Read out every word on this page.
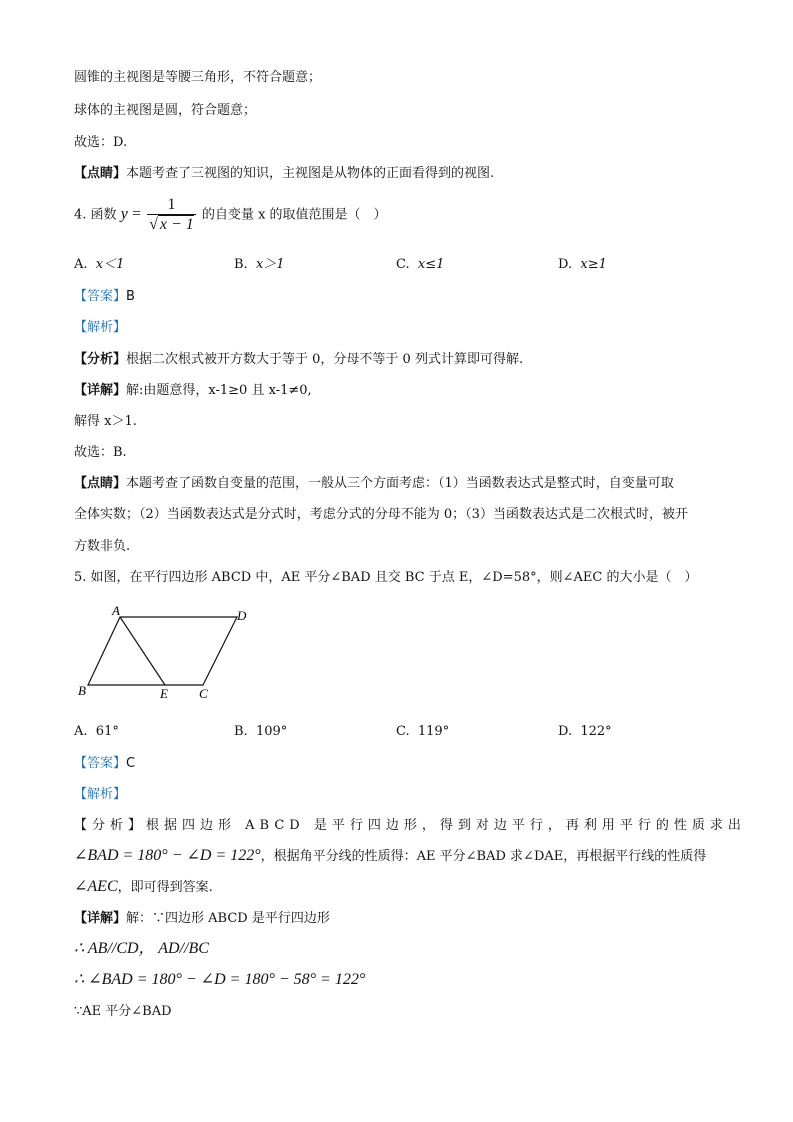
圆锥的主视图是等腰三角形，不符合题意；
球体的主视图是圆，符合题意；
故选：D.
【点睛】本题考查了三视图的知识，主视图是从物体的正面看得到的视图.
4. 函数 $y = \frac{1}{√ x - 1}$ 的自变量 x 的取值范围是（　）
A. x＜1	B. x＞1	C. x≤1	D. x≥1
【答案】B
【解析】
【分析】根据二次根式被开方数大于等于 0，分母不等于 0 列式计算即可得解.
【详解】解:由题意得，x-1≥0 且 x-1≠0,
解得 x＞1.
故选：B.
【点睛】本题考查了函数自变量的范围，一般从三个方面考虑：（1）当函数表达式是整式时，自变量可取
全体实数；（2）当函数表达式是分式时，考虑分式的分母不能为 0；（3）当函数表达式是二次根式时，被开
方数非负.
5. 如图，在平行四边形 ABCD 中，AE 平分∠BAD 且交 BC 于点 E，∠D=58°，则∠AEC 的大小是（　）
A	D
B	E C
A. 61°	B. 109°	C. 119°	D. 122°
【答案】C
【解析】
【分析】根据四边形 ABCD 是平行四边形，得到对边平行，再利用平行的性质求出
∠BAD = 180° − ∠D = 122°，根据角平分线的性质得：AE 平分∠BAD 求∠DAE，再根据平行线的性质得
∠AEC，即可得到答案.
【详解】解：∵四边形 ABCD 是平行四边形
∴ AB//CD， AD//BC
∴ ∠BAD = 180° − ∠D = 180° − 58° = 122°
∵AE 平分∠BAD
